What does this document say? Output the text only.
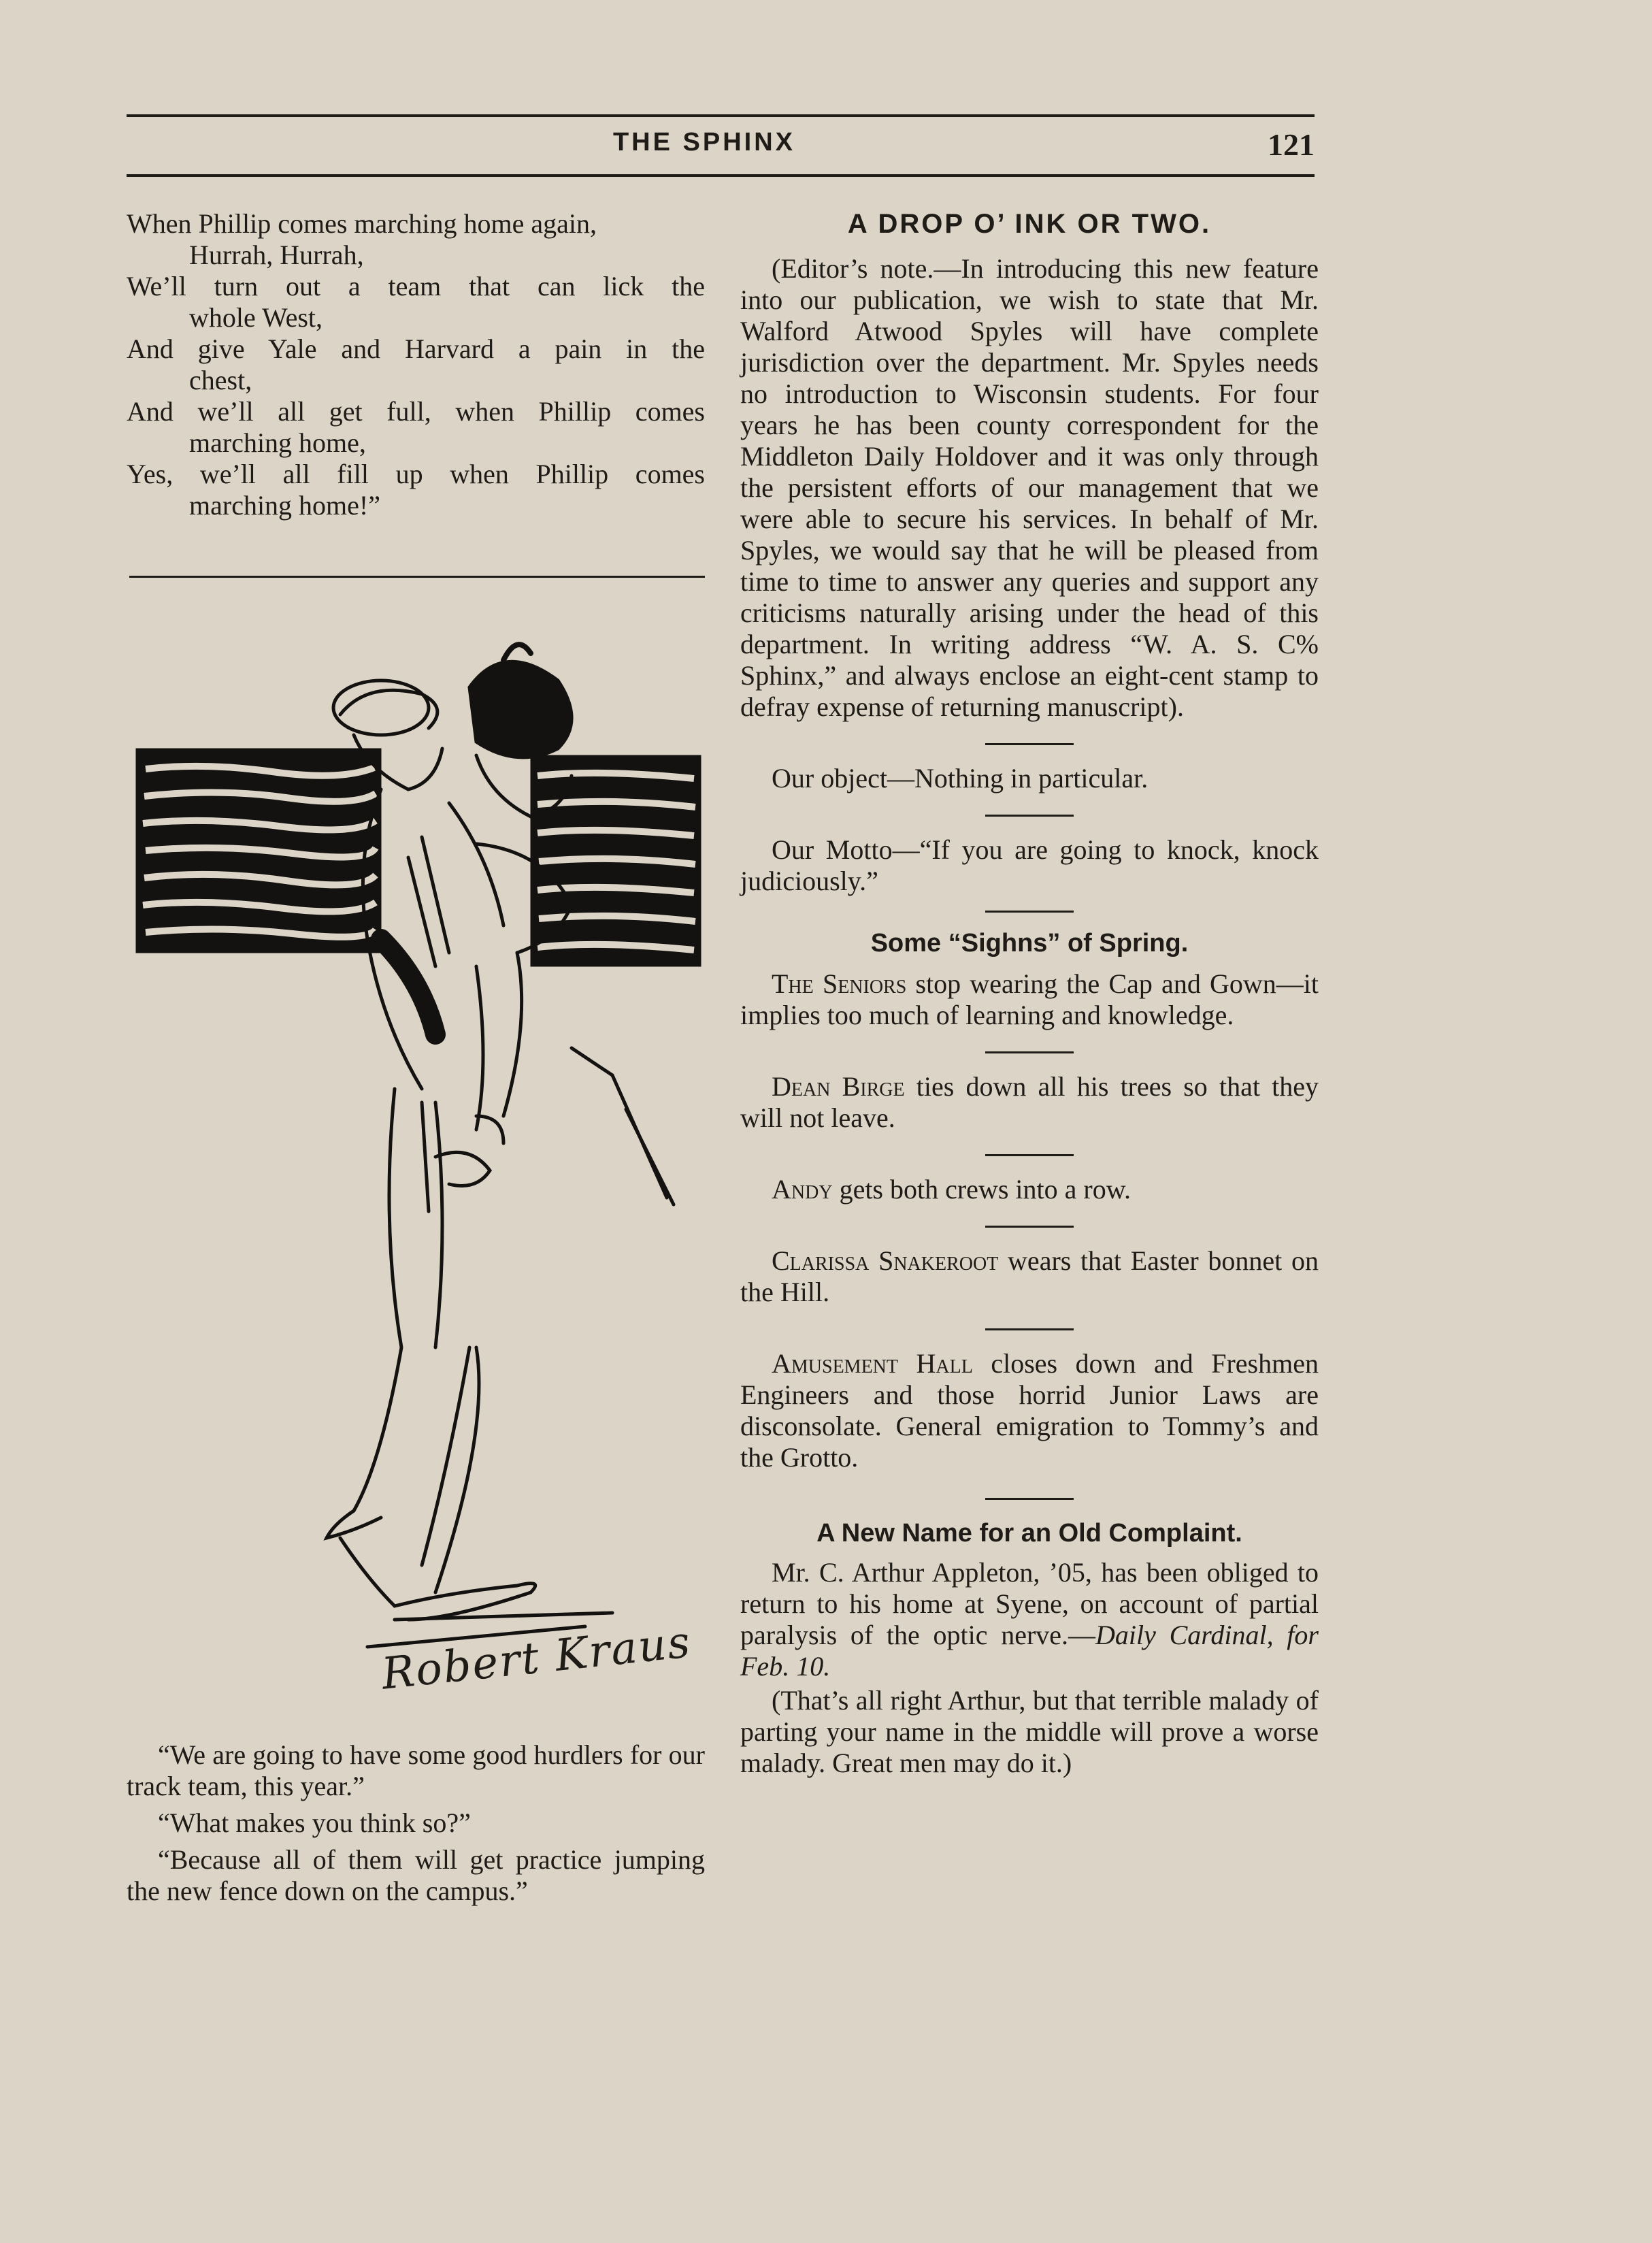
THE SPHINX	121

When Phillip comes marching home again,

Hurrah, Hurrah,

We’ll turn out a team that can lick the

whole West,

And give Yale and Harvard a pain in the

chest,

And we’ll all get full, when Phillip comes

marching home,

Yes, we’ll all fill up when Phillip comes

marching home!”

Robert Kraus

“We are going to have some good hurdlers for our track team, this year.”

“What makes you think so?”

“Because all of them will get practice jumping the new fence down on the campus.”

A DROP O’ INK OR TWO.

(Editor’s note.—In introducing this new feature into our publication, we wish to state that Mr. Walford Atwood Spyles will have complete jurisdiction over the department. Mr. Spyles needs no introduction to Wisconsin students. For four years he has been county correspondent for the Middleton Daily Holdover and it was only through the persistent efforts of our management that we were able to secure his services. In behalf of Mr. Spyles, we would say that he will be pleased from time to time to answer any queries and support any criticisms naturally arising under the head of this department. In writing address “W. A. S. C% Sphinx,” and always enclose an eight-cent stamp to defray expense of returning manuscript).

Our object—Nothing in particular.

Our Motto—“If you are going to knock, knock judiciously.”

Some “Sighns” of Spring.

The Seniors stop wearing the Cap and Gown—it implies too much of learning and knowledge.

Dean Birge ties down all his trees so that they will not leave.

Andy gets both crews into a row.

Clarissa Snakeroot wears that Easter bonnet on the Hill.

Amusement Hall closes down and Freshmen Engineers and those horrid Junior Laws are disconsolate. General emigration to Tommy’s and the Grotto.

A New Name for an Old Complaint.

Mr. C. Arthur Appleton, ’05, has been obliged to return to his home at Syene, on account of partial paralysis of the optic nerve.—Daily Cardinal, for Feb. 10.

(That’s all right Arthur, but that terrible malady of parting your name in the middle will prove a worse malady. Great men may do it.)
